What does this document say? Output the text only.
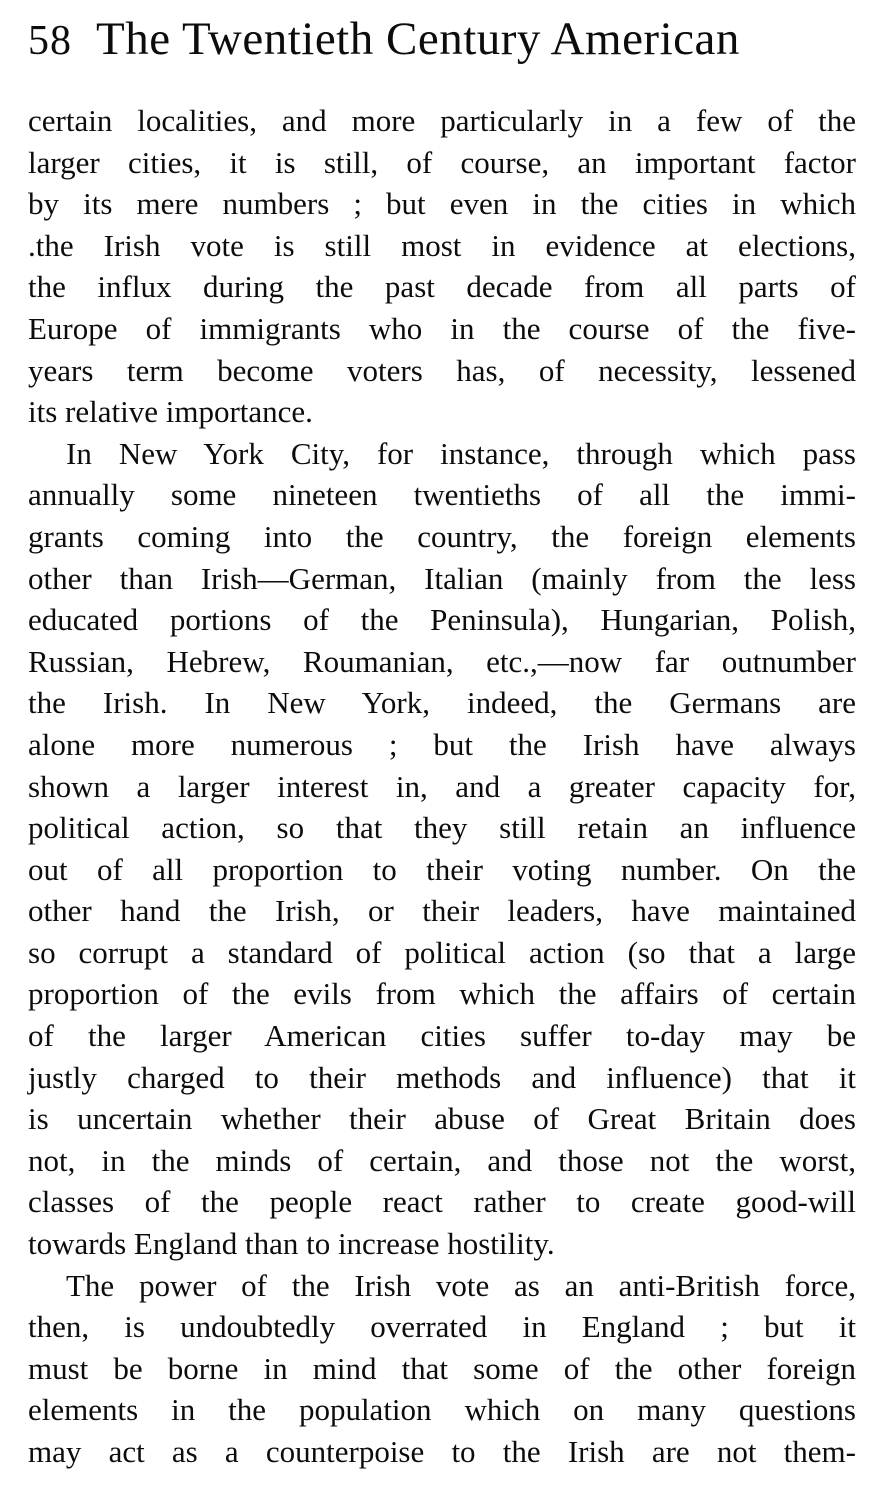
58 The Twentieth Century American
certain localities, and more particularly in a few of the
larger cities, it is still, of course, an important factor
by its mere numbers ; but even in the cities in which
.the Irish vote is still most in evidence at elections,
the influx during the past decade from all parts of
Europe of immigrants who in the course of the five-
years term become voters has, of necessity, lessened
its relative importance.
In New York City, for instance, through which pass
annually some nineteen twentieths of all the immi-
grants coming into the country, the foreign elements
other than Irish—German, Italian (mainly from the less
educated portions of the Peninsula), Hungarian, Polish,
Russian, Hebrew, Roumanian, etc.,—now far outnumber
the Irish. In New York, indeed, the Germans are
alone more numerous ; but the Irish have always
shown a larger interest in, and a greater capacity for,
political action, so that they still retain an influence
out of all proportion to their voting number. On the
other hand the Irish, or their leaders, have maintained
so corrupt a standard of political action (so that a large
proportion of the evils from which the affairs of certain
of the larger American cities suffer to-day may be
justly charged to their methods and influence) that it
is uncertain whether their abuse of Great Britain does
not, in the minds of certain, and those not the worst,
classes of the people react rather to create good-will
towards England than to increase hostility.
The power of the Irish vote as an anti-British force,
then, is undoubtedly overrated in England ; but it
must be borne in mind that some of the other foreign
elements in the population which on many questions
may act as a counterpoise to the Irish are not them-
